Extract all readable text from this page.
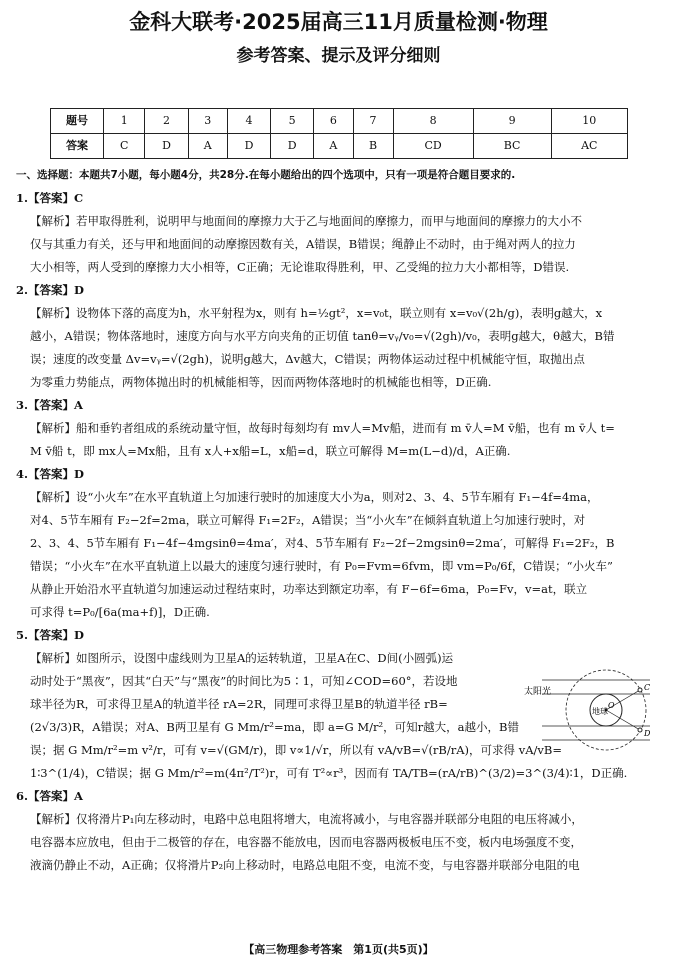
金科大联考·2025届高三11月质量检测·物理
参考答案、提示及评分细则
题号	1	2	3	4	5	6	7	8	9	10
答案	C	D	A	D	D	A	B	CD	BC	AC
一、选择题：本题共7小题，每小题4分，共28分.在每小题给出的四个选项中，只有一项是符合题目要求的.
1.【答案】C
【解析】若甲取得胜利，说明甲与地面间的摩擦力大于乙与地面间的摩擦力，而甲与地面间的摩擦力的大小不
仅与其重力有关，还与甲和地面间的动摩擦因数有关，A错误，B错误；绳静止不动时，由于绳对两人的拉力
大小相等，两人受到的摩擦力大小相等，C正确；无论谁取得胜利，甲、乙受绳的拉力大小都相等，D错误.
2.【答案】D
【解析】设物体下落的高度为h，水平射程为x，则有 h=½gt²，x=v₀t，联立则有 x=v₀√(2h/g)，表明g越大，x
越小，A错误；物体落地时，速度方向与水平方向夹角的正切值 tanθ=vᵧ/v₀=√(2gh)/v₀，表明g越大，θ越大，B错
误；速度的改变量 Δv=vᵧ=√(2gh)，说明g越大，Δv越大，C错误；两物体运动过程中机械能守恒，取抛出点
为零重力势能点，两物体抛出时的机械能相等，因而两物体落地时的机械能也相等，D正确.
3.【答案】A
【解析】船和垂钓者组成的系统动量守恒，故每时每刻均有 mv人=Mv船，进而有 m v̄人=M v̄船，也有 m v̄人 t=
M v̄船 t，即 mx人=Mx船，且有 x人+x船=L，x船=d，联立可解得 M=m(L−d)/d，A正确.
4.【答案】D
【解析】设“小火车”在水平直轨道上匀加速行驶时的加速度大小为a，则对2、3、4、5节车厢有 F₁−4f=4ma，
对4、5节车厢有 F₂−2f=2ma，联立可解得 F₁=2F₂，A错误；当“小火车”在倾斜直轨道上匀加速行驶时，对
2、3、4、5节车厢有 F₁−4f−4mgsinθ=4ma′，对4、5节车厢有 F₂−2f−2mgsinθ=2ma′，可解得 F₁=2F₂，B
错误；“小火车”在水平直轨道上以最大的速度匀速行驶时，有 P₀=Fvm=6fvm，即 vm=P₀/6f，C错误；“小火车”
从静止开始沿水平直轨道匀加速运动过程结束时，功率达到额定功率，有 F−6f=6ma，P₀=Fv，v=at，联立
可求得 t=P₀/[6a(ma+f)]，D正确.
5.【答案】D
【解析】如图所示，设图中虚线则为卫星A的运转轨道，卫星A在C、D间(小圆弧)运
动时处于“黑夜”，因其“白天”与“黑夜”的时间比为5∶1，可知∠COD=60°，若设地
球半径为R，可求得卫星A的轨道半径 rA=2R，同理可求得卫星B的轨道半径 rB=
(2√3/3)R，A错误；对A、B两卫星有 G Mm/r²=ma，即 a=G M/r²，可知r越大，a越小，B错
误；据 G Mm/r²=m v²/r，可有 v=√(GM/r)，即 v∝1/√r，所以有 vA/vB=√(rB/rA)，可求得 vA/vB=
1∶3^(1/4)，C错误；据 G Mm/r²=m(4π²/T²)r，可有 T²∝r³，因而有 TA/TB=(rA/rB)^(3/2)=3^(3/4)∶1，D正确.
6.【答案】A
【解析】仅将滑片P₁向左移动时，电路中总电阻将增大，电流将减小，与电容器并联部分电阻的电压将减小，
电容器本应放电，但由于二极管的存在，电容器不能放电，因而电容器两极板电压不变，板内电场强度不变，
液滴仍静止不动，A正确；仅将滑片P₂向上移动时，电路总电阻不变，电流不变，与电容器并联部分电阻的电
太阳光
地球
O
C
D
【高三物理参考答案　第1页(共5页)】
